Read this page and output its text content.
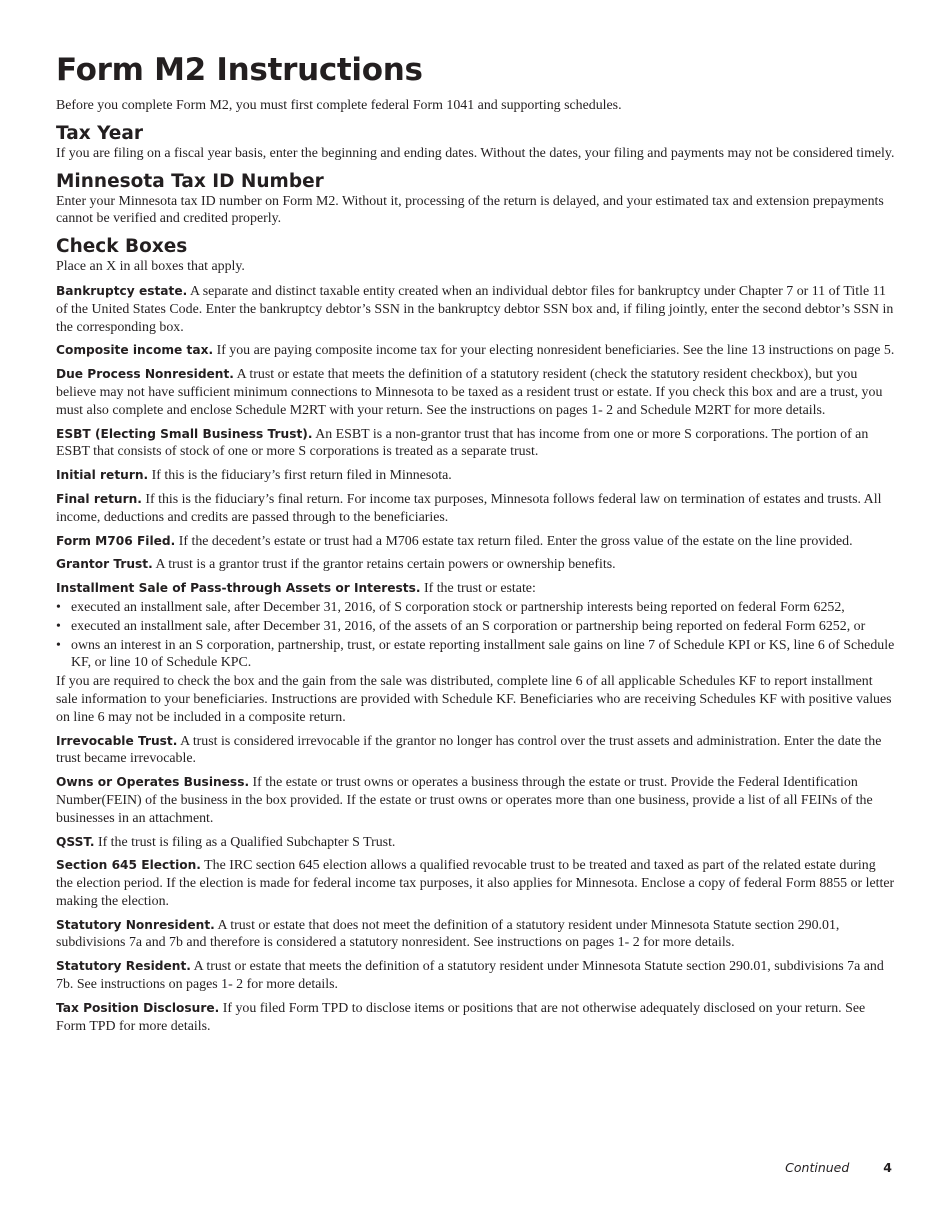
Form M2 Instructions

Before you complete Form M2, you must first complete federal Form 1041 and supporting schedules.

Tax Year

If you are filing on a fiscal year basis, enter the beginning and ending dates. Without the dates, your filing and payments may not be considered timely.

Minnesota Tax ID Number

Enter your Minnesota tax ID number on Form M2. Without it, processing of the return is delayed, and your estimated tax and extension prepayments cannot be verified and credited properly.

Check Boxes

Place an X in all boxes that apply.

Bankruptcy estate. A separate and distinct taxable entity created when an individual debtor files for bankruptcy under Chapter 7 or 11 of Title 11 of the United States Code. Enter the bankruptcy debtor’s SSN in the bankruptcy debtor SSN box and, if filing jointly, enter the second debtor’s SSN in the corresponding box.

Composite income tax. If you are paying composite income tax for your electing nonresident beneficiaries. See the line 13 instructions on page 5.

Due Process Nonresident. A trust or estate that meets the definition of a statutory resident (check the statutory resident checkbox), but you believe may not have sufficient minimum connections to Minnesota to be taxed as a resident trust or estate. If you check this box and are a trust, you must also complete and enclose Schedule M2RT with your return. See the instructions on pages 1- 2 and Schedule M2RT for more details.

ESBT (Electing Small Business Trust). An ESBT is a non-grantor trust that has income from one or more S corporations. The portion of an ESBT that consists of stock of one or more S corporations is treated as a separate trust.

Initial return. If this is the fiduciary’s first return filed in Minnesota.

Final return. If this is the fiduciary’s final return. For income tax purposes, Minnesota follows federal law on termination of estates and trusts. All income, deductions and credits are passed through to the beneficiaries.

Form M706 Filed. If the decedent’s estate or trust had a M706 estate tax return filed. Enter the gross value of the estate on the line provided.

Grantor Trust. A trust is a grantor trust if the grantor retains certain powers or ownership benefits.

Installment Sale of Pass-through Assets or Interests. If the trust or estate:

• executed an installment sale, after December 31, 2016, of S corporation stock or partnership interests being reported on federal Form 6252,
• executed an installment sale, after December 31, 2016, of the assets of an S corporation or partnership being reported on federal Form 6252, or
• owns an interest in an S corporation, partnership, trust, or estate reporting installment sale gains on line 7 of Schedule KPI or KS, line 6 of Schedule KF, or line 10 of Schedule KPC.

If you are required to check the box and the gain from the sale was distributed, complete line 6 of all applicable Schedules KF to report installment sale information to your beneficiaries. Instructions are provided with Schedule KF. Beneficiaries who are receiving Schedules KF with positive values on line 6 may not be included in a composite return.

Irrevocable Trust. A trust is considered irrevocable if the grantor no longer has control over the trust assets and administration. Enter the date the trust became irrevocable.

Owns or Operates Business. If the estate or trust owns or operates a business through the estate or trust. Provide the Federal Identification Number(FEIN) of the business in the box provided. If the estate or trust owns or operates more than one business, provide a list of all FEINs of the businesses in an attachment.

QSST. If the trust is filing as a Qualified Subchapter S Trust.

Section 645 Election. The IRC section 645 election allows a qualified revocable trust to be treated and taxed as part of the related estate during the election period. If the election is made for federal income tax purposes, it also applies for Minnesota. Enclose a copy of federal Form 8855 or letter making the election.

Statutory Nonresident. A trust or estate that does not meet the definition of a statutory resident under Minnesota Statute section 290.01, subdivisions 7a and 7b and therefore is considered a statutory nonresident. See instructions on pages 1- 2 for more details.

Statutory Resident. A trust or estate that meets the definition of a statutory resident under Minnesota Statute section 290.01, subdivisions 7a and 7b. See instructions on pages 1- 2 for more details.

Tax Position Disclosure. If you filed Form TPD to disclose items or positions that are not otherwise adequately disclosed on your return. See Form TPD for more details.

Continued	4
